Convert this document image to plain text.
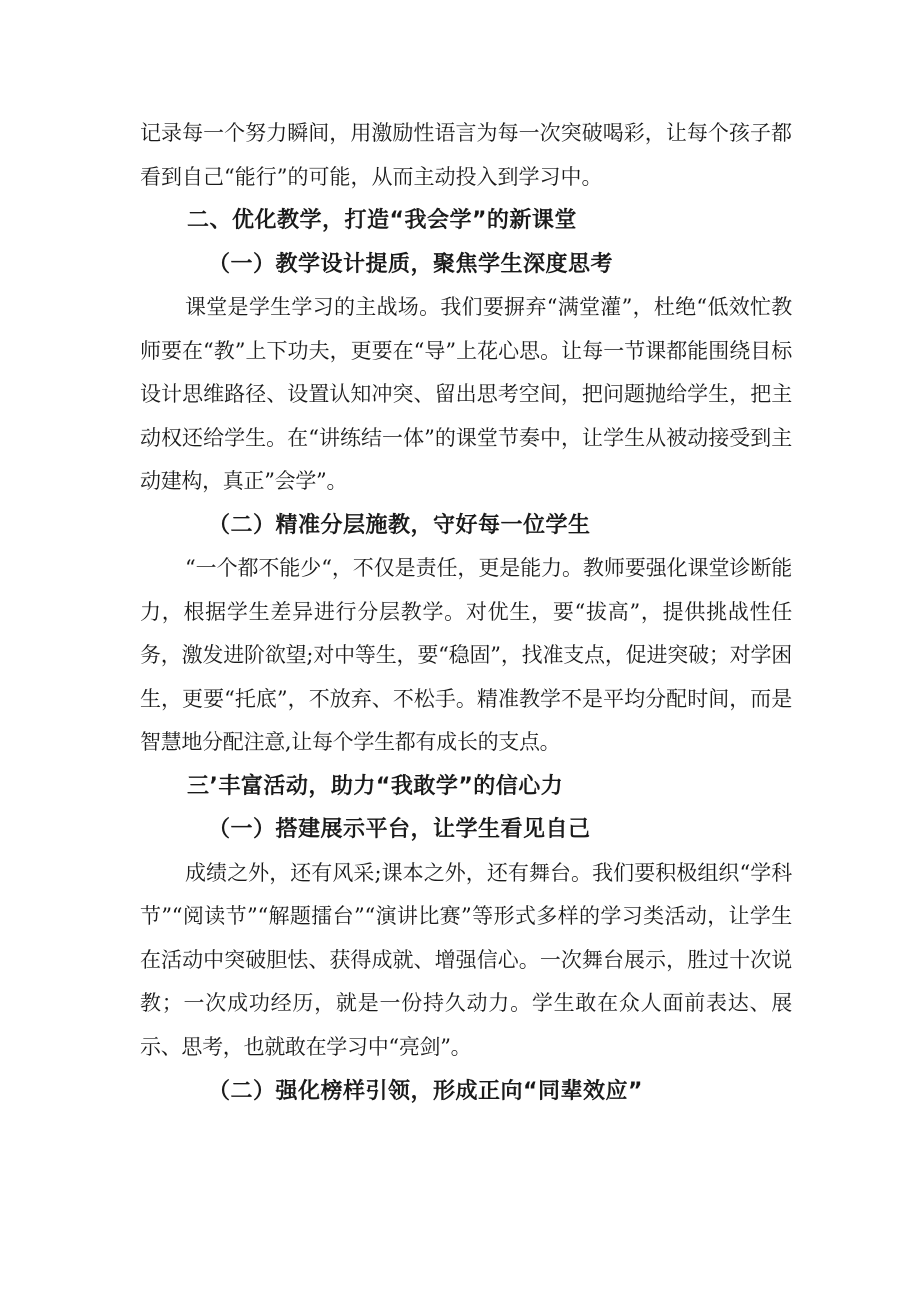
记录每一个努力瞬间，用激励性语言为每一次突破喝彩，让每个孩子都看到自己“能行”的可能，从而主动投入到学习中。

二、优化教学，打造“我会学”的新课堂

（一）教学设计提质，聚焦学生深度思考

课堂是学生学习的主战场。我们要摒弃“满堂灌”，杜绝“低效忙教师要在“教”上下功夫，更要在“导”上花心思。让每一节课都能围绕目标设计思维路径、设置认知冲突、留出思考空间，把问题抛给学生，把主动权还给学生。在“讲练结一体”的课堂节奏中，让学生从被动接受到主动建构，真正”会学”。

（二）精准分层施教，守好每一位学生

“一个都不能少“，不仅是责任，更是能力。教师要强化课堂诊断能力，根据学生差异进行分层教学。对优生，要“拔高”，提供挑战性任务，激发进阶欲望;对中等生，要“稳固”，找准支点，促进突破；对学困生，更要“托底”，不放弃、不松手。精准教学不是平均分配时间，而是智慧地分配注意,让每个学生都有成长的支点。

三’丰富活动，助力“我敢学”的信心力

（一）搭建展示平台，让学生看见自己

成绩之外，还有风采;课本之外，还有舞台。我们要积极组织“学科节”“阅读节”“解题擂台”“演讲比赛”等形式多样的学习类活动，让学生在活动中突破胆怯、获得成就、增强信心。一次舞台展示，胜过十次说教；一次成功经历，就是一份持久动力。学生敢在众人面前表达、展示、思考，也就敢在学习中“亮剑”。

（二）强化榜样引领，形成正向“同辈效应”
